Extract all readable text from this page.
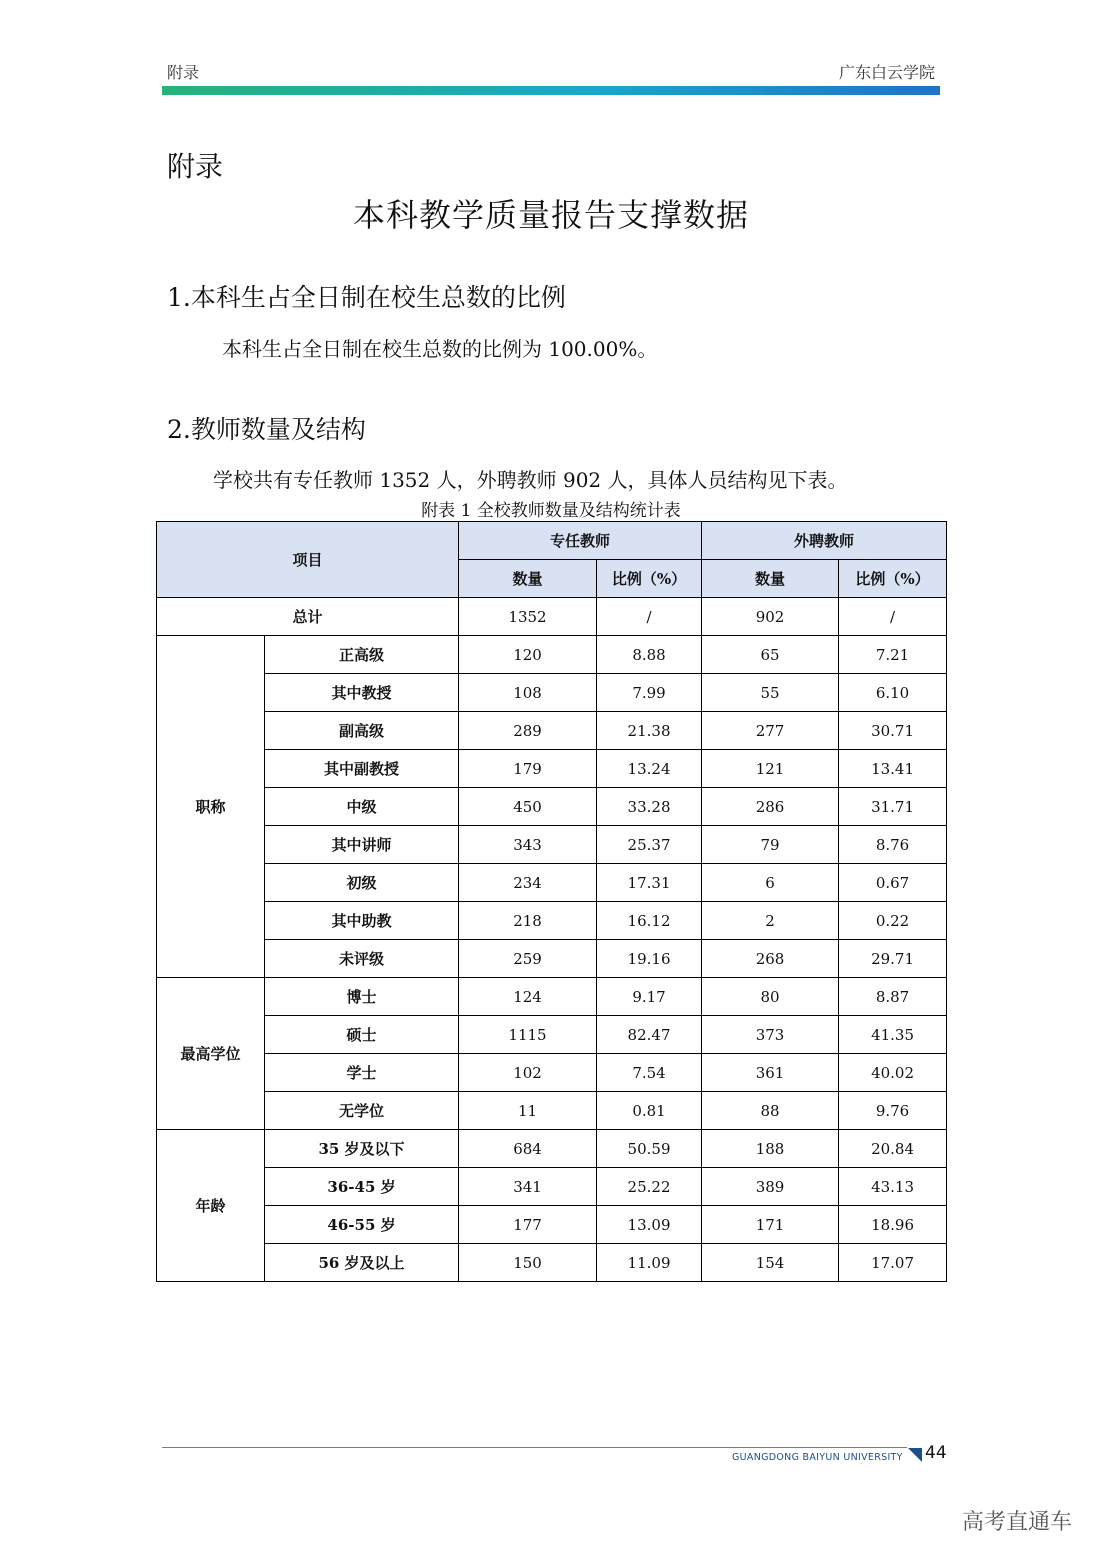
附录	广东白云学院
附录
本科教学质量报告支撑数据
1.本科生占全日制在校生总数的比例
本科生占全日制在校生总数的比例为 100.00%。
2.教师数量及结构
学校共有专任教师 1352 人，外聘教师 902 人，具体人员结构见下表。
附表 1 全校教师数量及结构统计表
项目		专任教师		外聘教师	
		数量	比例（%）	数量	比例（%）
总计		1352	/	902	/
职称	正高级	120	8.88	65	7.21
	其中教授	108	7.99	55	6.10
	副高级	289	21.38	277	30.71
	其中副教授	179	13.24	121	13.41
	中级	450	33.28	286	31.71
	其中讲师	343	25.37	79	8.76
	初级	234	17.31	6	0.67
	其中助教	218	16.12	2	0.22
	未评级	259	19.16	268	29.71
最高学位	博士	124	9.17	80	8.87
	硕士	1115	82.47	373	41.35
	学士	102	7.54	361	40.02
	无学位	11	0.81	88	9.76
年龄	35 岁及以下	684	50.59	188	20.84
	36-45 岁	341	25.22	389	43.13
	46-55 岁	177	13.09	171	18.96
	56 岁及以上	150	11.09	154	17.07
GUANGDONG BAIYUN UNIVERSITY 44
高考直通车
